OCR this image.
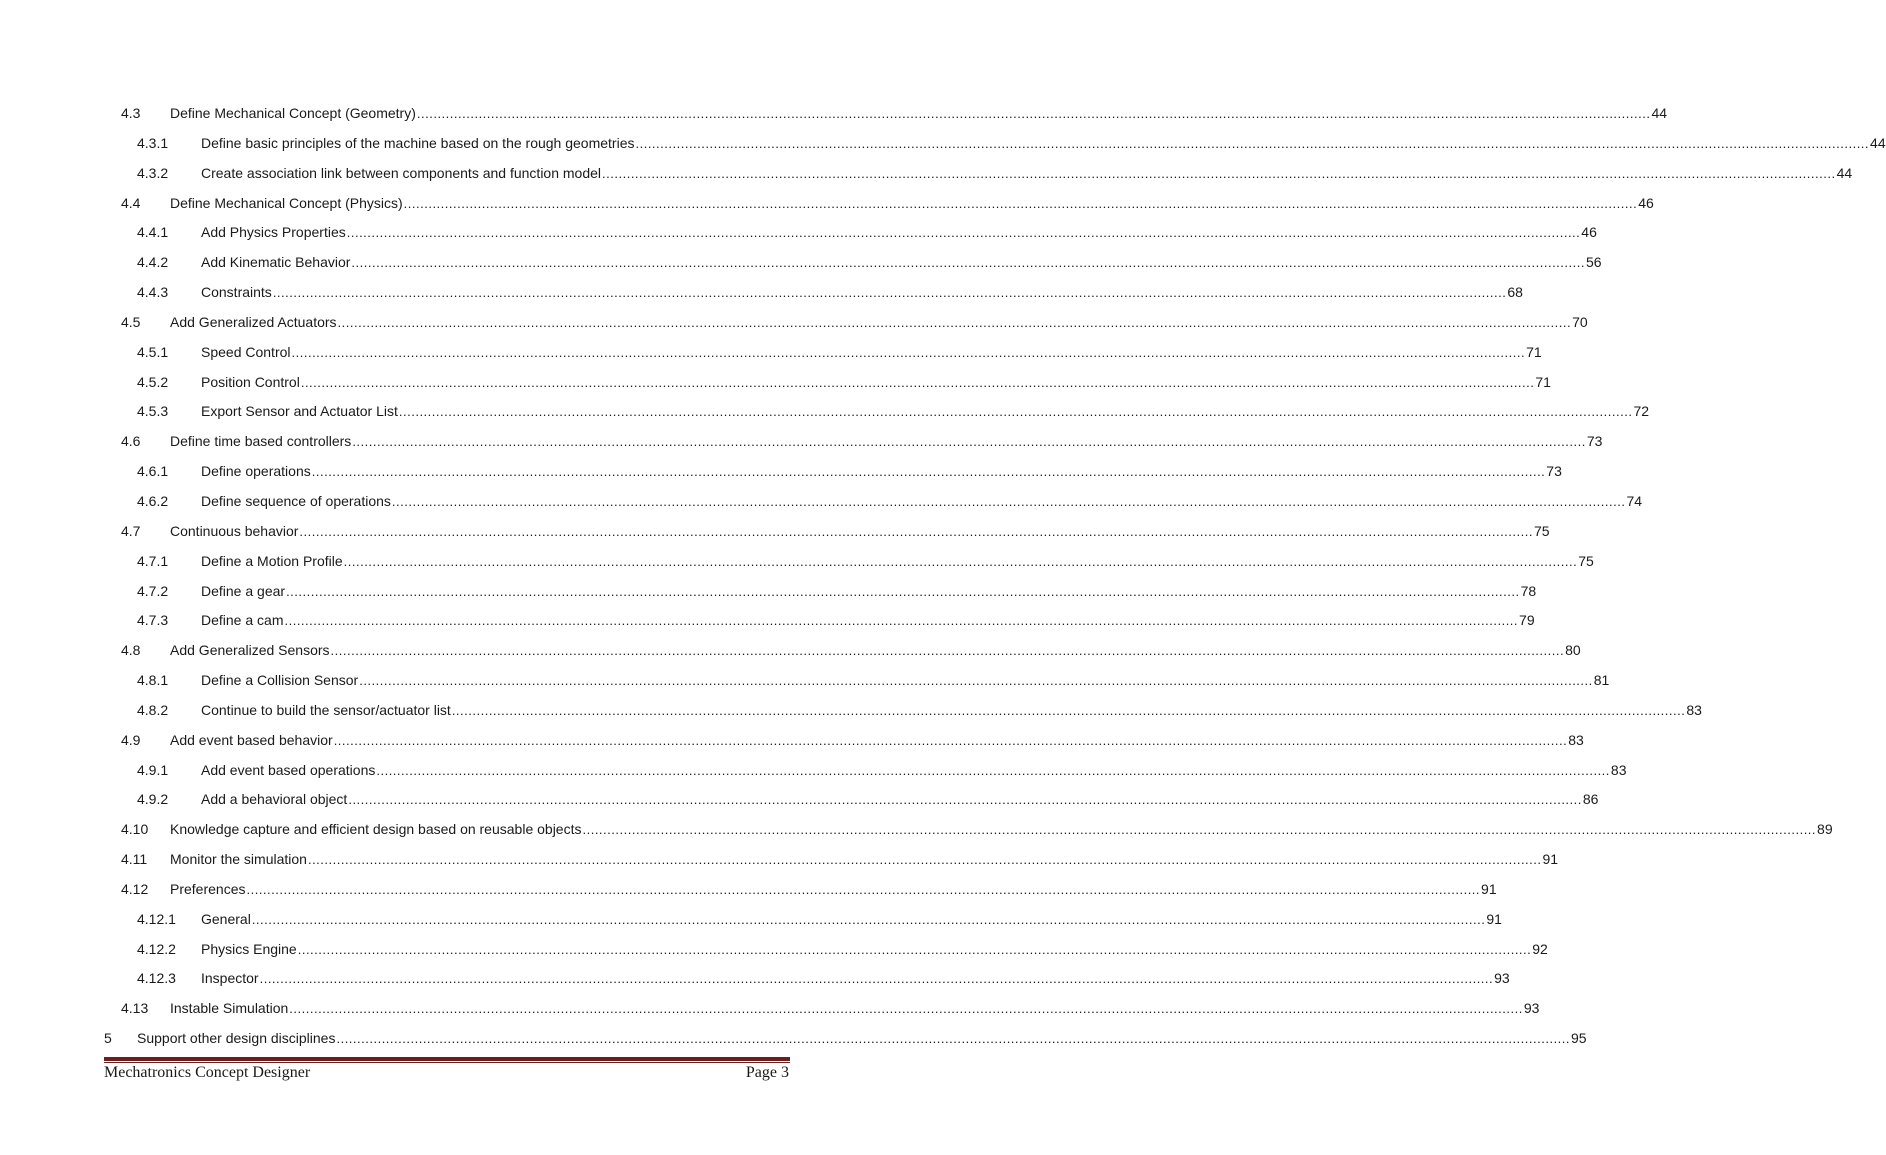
4.3 Define Mechanical Concept (Geometry) ............................................................................................................................................................................................................................................................................................................ 44
4.3.1 Define basic principles of the machine based on the rough geometries ............................................................................................................................................................................................................................................................................................................ 44
4.3.2 Create association link between components and function model ............................................................................................................................................................................................................................................................................................................ 44
4.4 Define Mechanical Concept (Physics) ............................................................................................................................................................................................................................................................................................................ 46
4.4.1 Add Physics Properties ............................................................................................................................................................................................................................................................................................................ 46
4.4.2 Add Kinematic Behavior ............................................................................................................................................................................................................................................................................................................ 56
4.4.3 Constraints ............................................................................................................................................................................................................................................................................................................ 68
4.5 Add Generalized Actuators ............................................................................................................................................................................................................................................................................................................ 70
4.5.1 Speed Control ............................................................................................................................................................................................................................................................................................................ 71
4.5.2 Position Control ............................................................................................................................................................................................................................................................................................................ 71
4.5.3 Export Sensor and Actuator List ............................................................................................................................................................................................................................................................................................................ 72
4.6 Define time based controllers ............................................................................................................................................................................................................................................................................................................ 73
4.6.1 Define operations ............................................................................................................................................................................................................................................................................................................ 73
4.6.2 Define sequence of operations ............................................................................................................................................................................................................................................................................................................ 74
4.7 Continuous behavior ............................................................................................................................................................................................................................................................................................................ 75
4.7.1 Define a Motion Profile ............................................................................................................................................................................................................................................................................................................ 75
4.7.2 Define a gear ............................................................................................................................................................................................................................................................................................................ 78
4.7.3 Define a cam ............................................................................................................................................................................................................................................................................................................ 79
4.8 Add Generalized Sensors ............................................................................................................................................................................................................................................................................................................ 80
4.8.1 Define a Collision Sensor ............................................................................................................................................................................................................................................................................................................ 81
4.8.2 Continue to build the sensor/actuator list ............................................................................................................................................................................................................................................................................................................ 83
4.9 Add event based behavior ............................................................................................................................................................................................................................................................................................................ 83
4.9.1 Add event based operations ............................................................................................................................................................................................................................................................................................................ 83
4.9.2 Add a behavioral object ............................................................................................................................................................................................................................................................................................................ 86
4.10 Knowledge capture and efficient design based on reusable objects ............................................................................................................................................................................................................................................................................................................ 89
4.11 Monitor the simulation ............................................................................................................................................................................................................................................................................................................ 91
4.12 Preferences ............................................................................................................................................................................................................................................................................................................ 91
4.12.1 General ............................................................................................................................................................................................................................................................................................................ 91
4.12.2 Physics Engine ............................................................................................................................................................................................................................................................................................................ 92
4.12.3 Inspector ............................................................................................................................................................................................................................................................................................................ 93
4.13 Instable Simulation ............................................................................................................................................................................................................................................................................................................ 93
5 Support other design disciplines ............................................................................................................................................................................................................................................................................................................ 95
Mechatronics Concept Designer	Page 3
